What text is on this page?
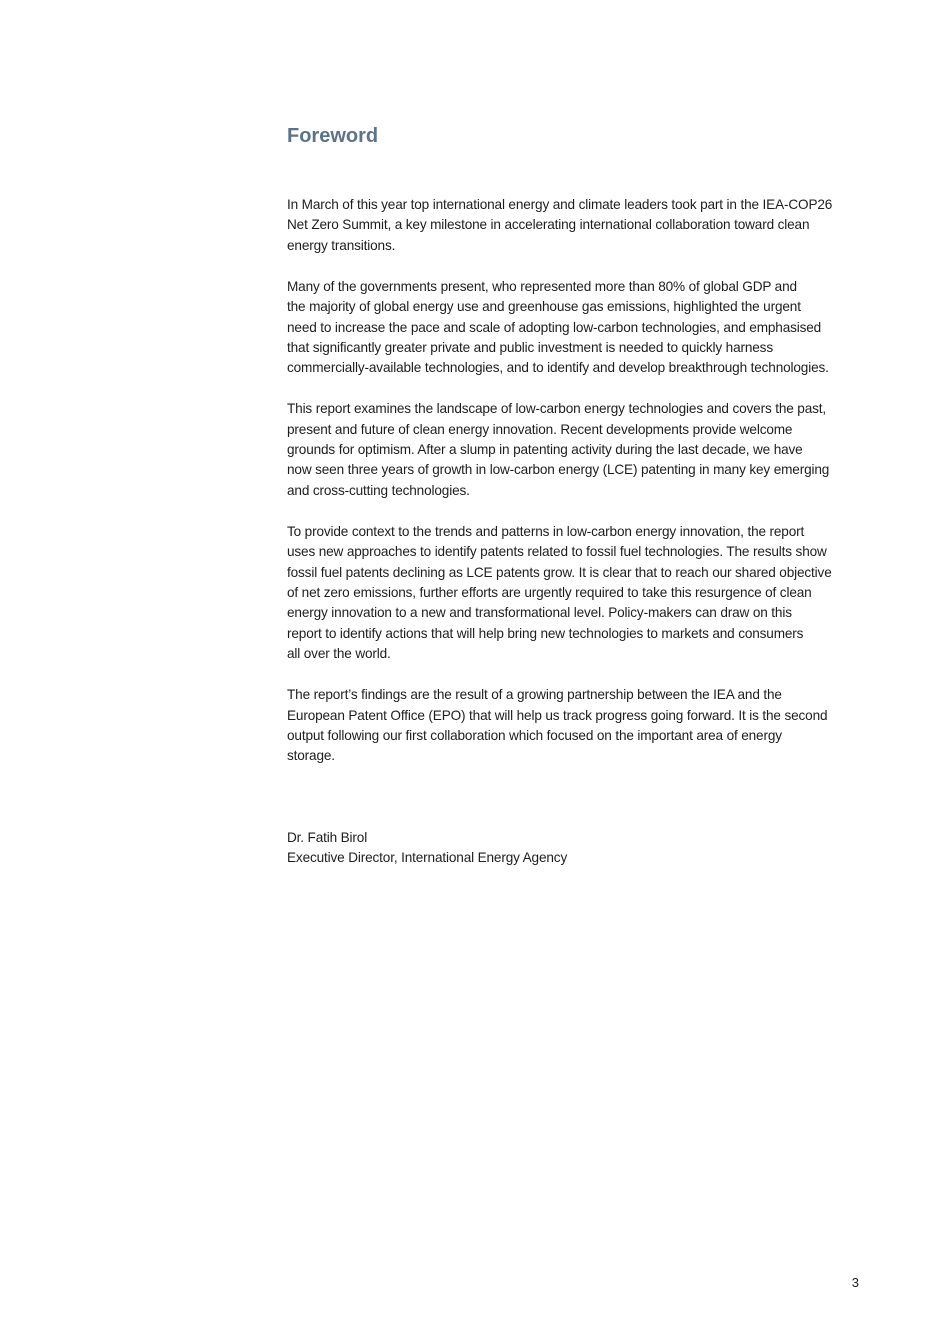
Foreword

In March of this year top international energy and climate leaders took part in the IEA-COP26
Net Zero Summit, a key milestone in accelerating international collaboration toward clean
energy transitions.

Many of the governments present, who represented more than 80% of global GDP and
the majority of global energy use and greenhouse gas emissions, highlighted the urgent
need to increase the pace and scale of adopting low-carbon technologies, and emphasised
that significantly greater private and public investment is needed to quickly harness
commercially-available technologies, and to identify and develop breakthrough technologies.

This report examines the landscape of low-carbon energy technologies and covers the past,
present and future of clean energy innovation. Recent developments provide welcome
grounds for optimism. After a slump in patenting activity during the last decade, we have
now seen three years of growth in low-carbon energy (LCE) patenting in many key emerging
and cross-cutting technologies.

To provide context to the trends and patterns in low-carbon energy innovation, the report
uses new approaches to identify patents related to fossil fuel technologies. The results show
fossil fuel patents declining as LCE patents grow. It is clear that to reach our shared objective
of net zero emissions, further efforts are urgently required to take this resurgence of clean
energy innovation to a new and transformational level. Policy-makers can draw on this
report to identify actions that will help bring new technologies to markets and consumers
all over the world.

The report’s findings are the result of a growing partnership between the IEA and the
European Patent Office (EPO) that will help us track progress going forward. It is the second
output following our first collaboration which focused on the important area of energy
storage.

Dr. Fatih Birol
Executive Director, International Energy Agency
3
